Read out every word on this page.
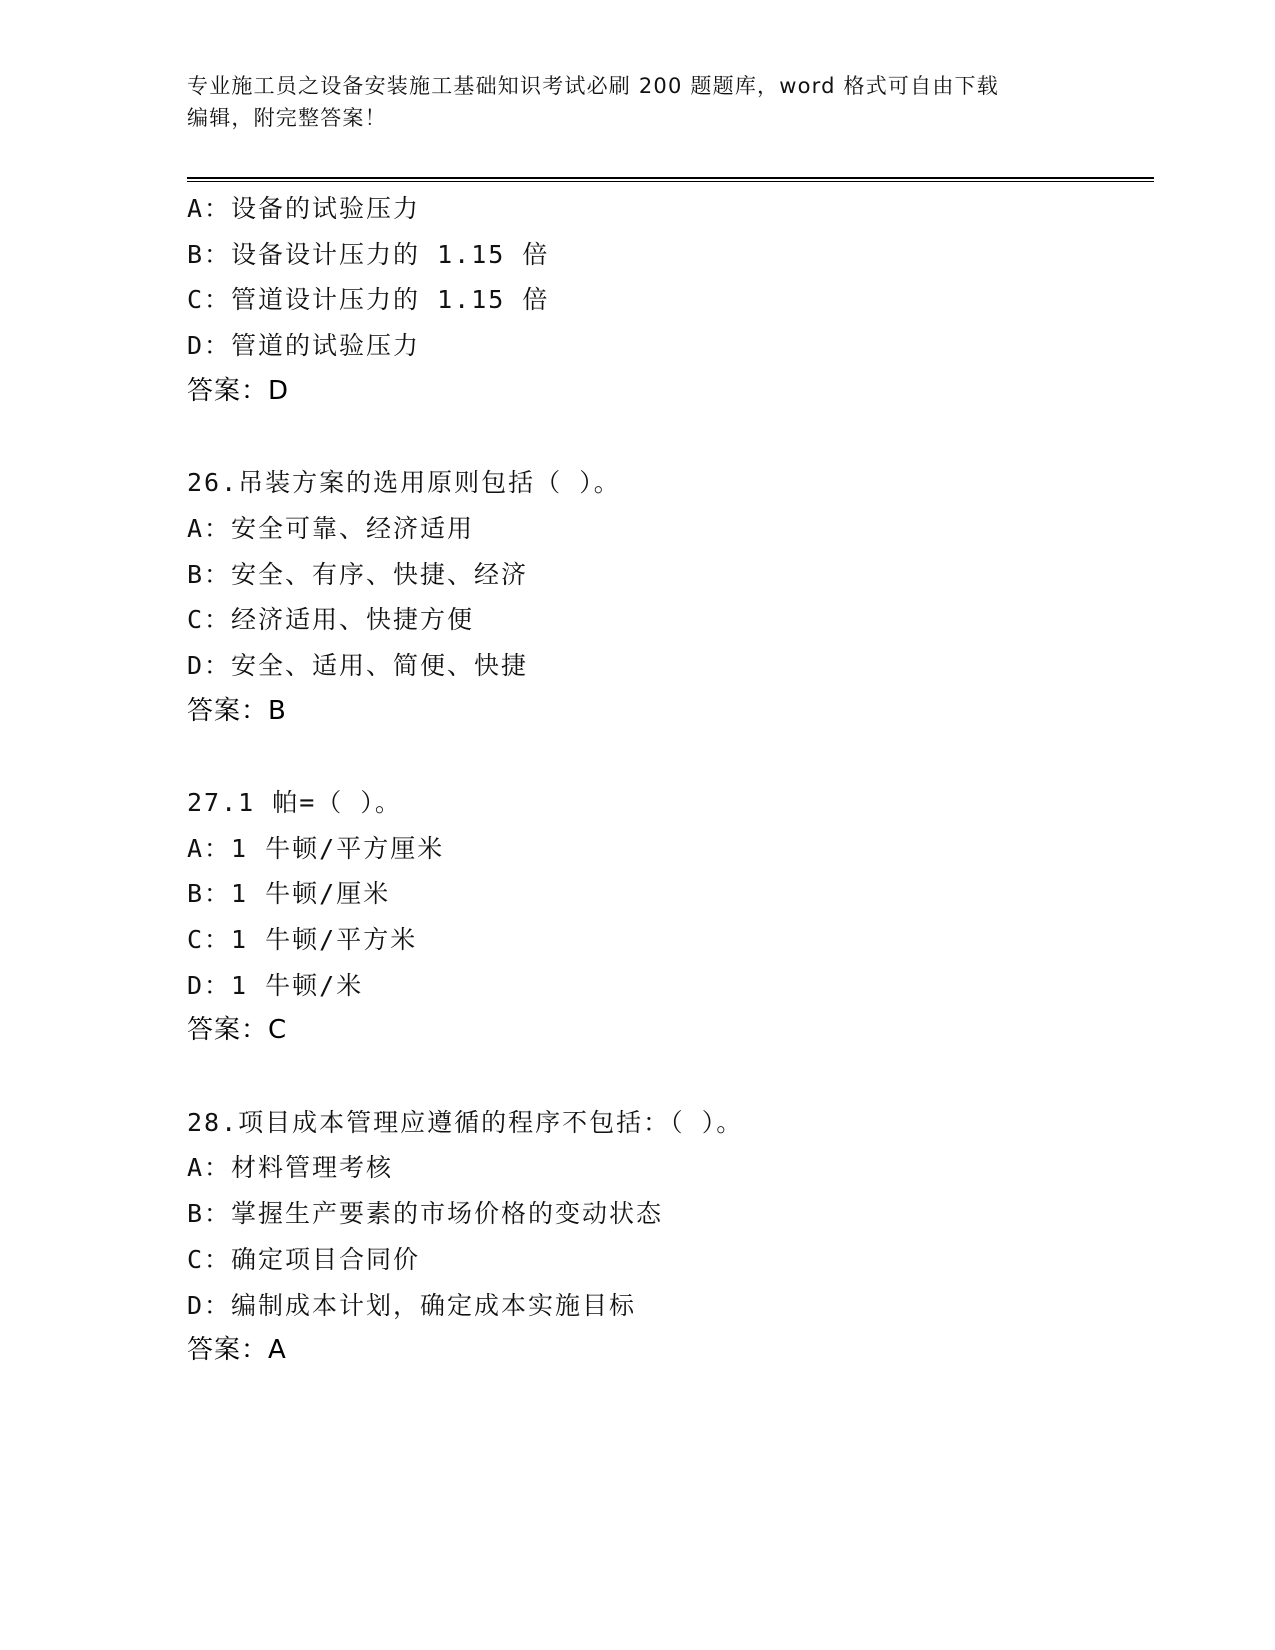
专业施工员之设备安装施工基础知识考试必刷 200 题题库，word 格式可自由下载
编辑，附完整答案！
A：设备的试验压力
B：设备设计压力的 1.15 倍
C：管道设计压力的 1.15 倍
D：管道的试验压力
答案：D
26.吊装方案的选用原则包括（ ）。
A：安全可靠、经济适用
B：安全、有序、快捷、经济
C：经济适用、快捷方便
D：安全、适用、简便、快捷
答案：B
27.1 帕=（ ）。
A：1 牛顿/平方厘米
B：1 牛顿/厘米
C：1 牛顿/平方米
D：1 牛顿/米
答案：C
28.项目成本管理应遵循的程序不包括：（ ）。
A：材料管理考核
B：掌握生产要素的市场价格的变动状态
C：确定项目合同价
D：编制成本计划，确定成本实施目标
答案：A
